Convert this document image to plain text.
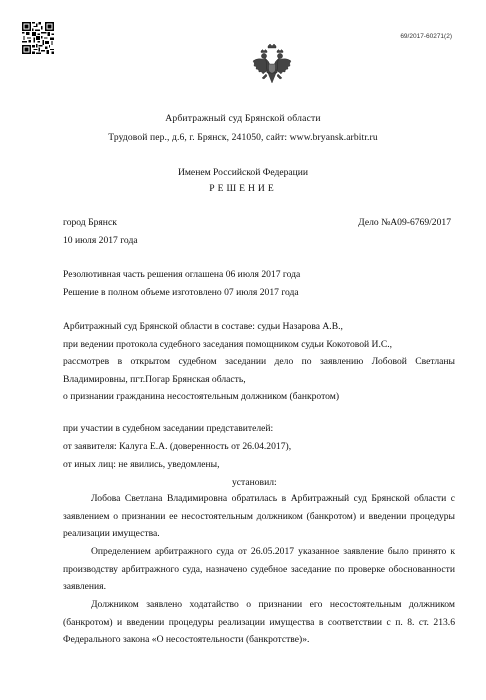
69/2017-60271(2)
Арбитражный суд Брянской области
Трудовой пер., д.6, г. Брянск, 241050, сайт: www.bryansk.arbitr.ru
Именем Российской Федерации
РЕШЕНИЕ
город Брянск	Дело №А09-6769/2017
10 июля 2017 года
Резолютивная часть решения оглашена 06 июля 2017 года
Решение в полном объеме изготовлено 07 июля 2017 года
Арбитражный суд Брянской области в составе: судьи Назарова А.В.,
при ведении протокола судебного заседания помощником судьи Кокотовой И.С.,
рассмотрев в открытом судебном заседании дело по заявлению Лобовой Светланы Владимировны, пгт.Погар Брянская область,
о признании гражданина несостоятельным должником (банкротом)
при участии в судебном заседании представителей:
от заявителя: Калуга Е.А. (доверенность от 26.04.2017),
от иных лиц: не явились, уведомлены,
установил:
Лобова Светлана Владимировна обратилась в Арбитражный суд Брянской области с заявлением о признании ее несостоятельным должником (банкротом) и введении процедуры реализации имущества.
Определением арбитражного суда от 26.05.2017 указанное заявление было принято к производству арбитражного суда, назначено судебное заседание по проверке обоснованности заявления.
Должником заявлено ходатайство о признании его несостоятельным должником (банкротом) и введении процедуры реализации имущества в соответствии с п. 8. ст. 213.6 Федерального закона «О несостоятельности (банкротстве)».
